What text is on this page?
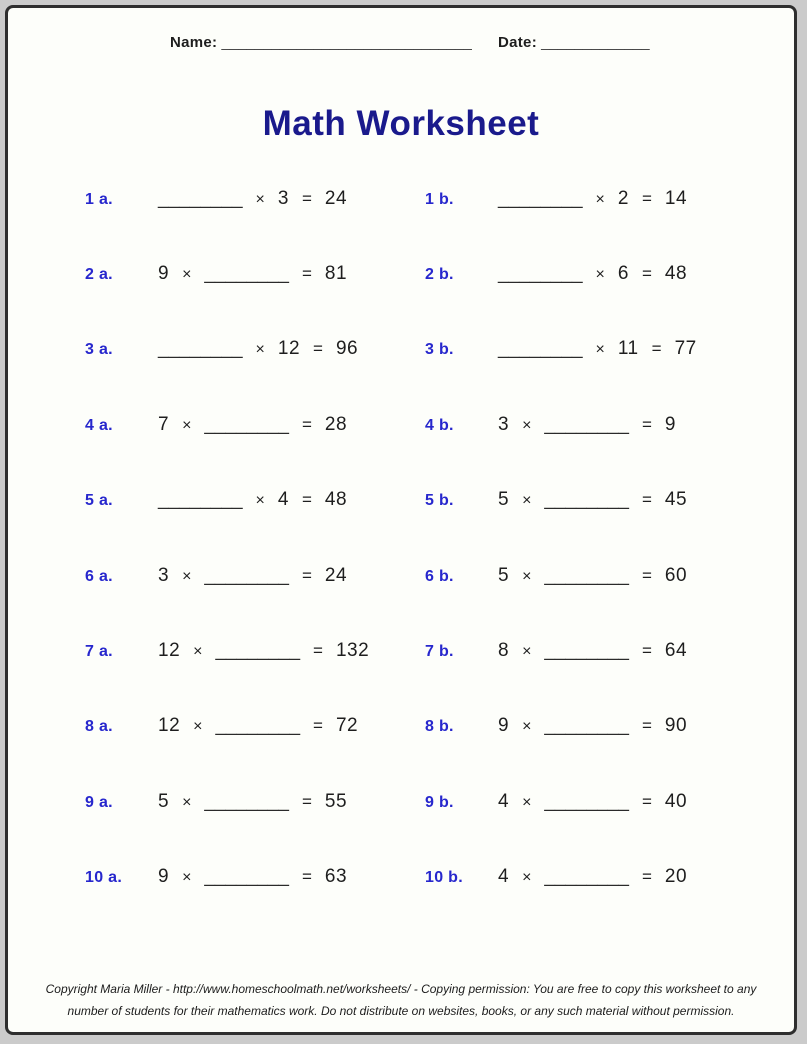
Name: ______________________________ Date: _____________
Math Worksheet
1 a.	________ × 3 = 24	1 b.	________ × 2 = 14
2 a.	9 × ________ = 81	2 b.	________ × 6 = 48
3 a.	________ × 12 = 96	3 b.	________ × 11 = 77
4 a.	7 × ________ = 28	4 b.	3 × ________ = 9
5 a.	________ × 4 = 48	5 b.	5 × ________ = 45
6 a.	3 × ________ = 24	6 b.	5 × ________ = 60
7 a.	12 × ________ = 132	7 b.	8 × ________ = 64
8 a.	12 × ________ = 72	8 b.	9 × ________ = 90
9 a.	5 × ________ = 55	9 b.	4 × ________ = 40
10 a.	9 × ________ = 63	10 b.	4 × ________ = 20
Copyright Maria Miller - http://www.homeschoolmath.net/worksheets/ - Copying permission: You are free to copy this worksheet to any
number of students for their mathematics work. Do not distribute on websites, books, or any such material without permission.
